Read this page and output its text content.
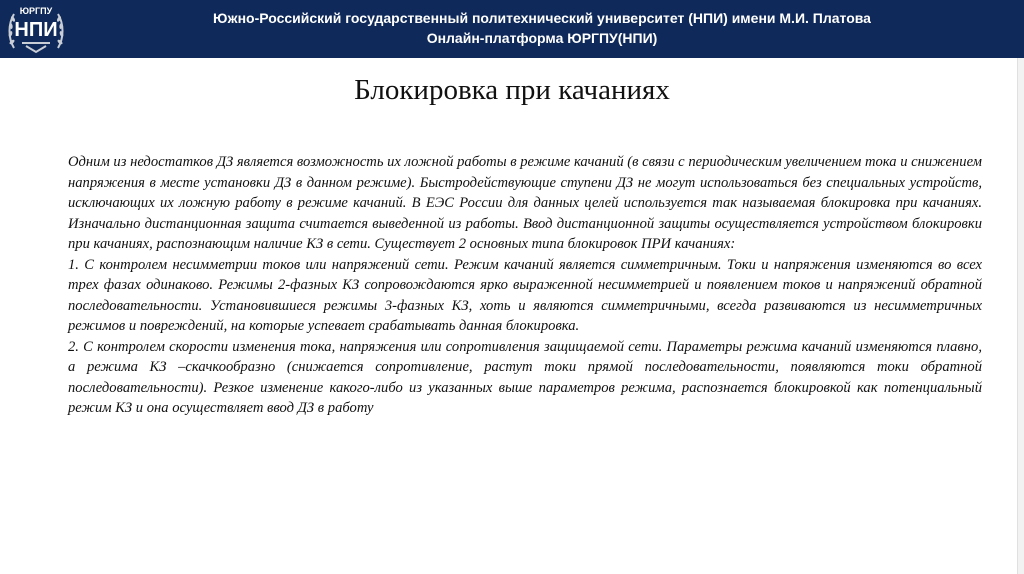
ЮРГПУ
НПИ
Южно-Российский государственный политехнический университет (НПИ) имени М.И. Платова
Онлайн-платформа ЮРГПУ(НПИ)
Блокировка при качаниях

Одним из недостатков ДЗ является возможность их ложной работы в режиме качаний (в связи с периодическим увеличением тока и снижением напряжения в месте установки ДЗ в данном режиме). Быстродействующие ступени ДЗ не могут использоваться без специальных устройств, исключающих их ложную работу в режиме качаний. В ЕЭС России для данных целей используется так называемая блокировка при качаниях. Изначально дистанционная защита считается выведенной из работы. Ввод дистанционной защиты осуществляется устройством блокировки при качаниях, распознающим наличие КЗ в сети. Существует 2 основных типа блокировок ПРИ качаниях:

1. С контролем несимметрии токов или напряжений сети. Режим качаний является симметричным. Токи и напряжения изменяются во всех трех фазах одинаково. Режимы 2-фазных КЗ сопровождаются ярко выраженной несимметрией и появлением токов и напряжений обратной последовательности. Установившиеся режимы 3-фазных КЗ, хоть и являются симметричными, всегда развиваются из несимметричных режимов и повреждений, на которые успевает срабатывать данная блокировка.

2. С контролем скорости изменения тока, напряжения или сопротивления защищаемой сети. Параметры режима качаний изменяются плавно, а режима КЗ –скачкообразно (снижается сопротивление, растут токи прямой последовательности, появляются токи обратной последовательности). Резкое изменение какого-либо из указанных выше параметров режима, распознается блокировкой как потенциальный режим КЗ и она осуществляет ввод ДЗ в работу
